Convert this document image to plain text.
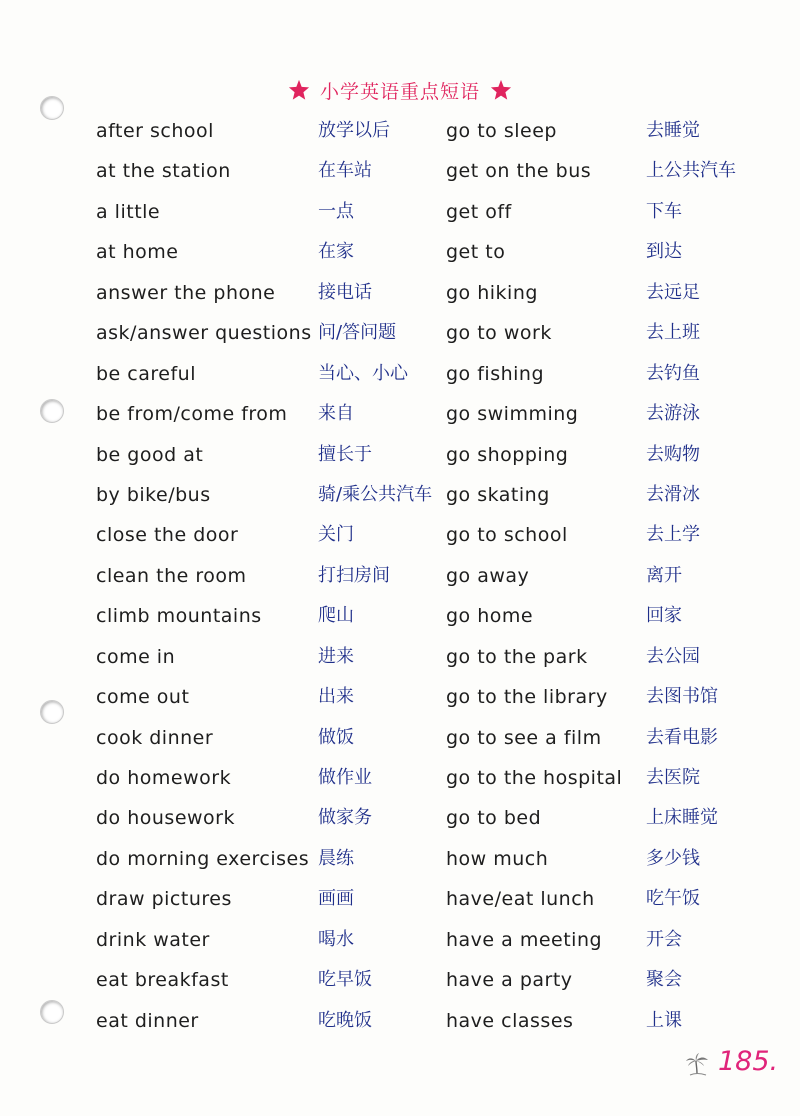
小学英语重点短语
after school	放学以后	go to sleep	去睡觉
at the station	在车站	get on the bus	上公共汽车
a little	一点	get off	下车
at home	在家	get to	到达
answer the phone 接电话	go hiking	去远足
ask/answer questions 问/答问题	go to work	去上班
be careful	当心、小心 go fishing	去钓鱼
be from/come from 来自	go swimming	去游泳
be good at	擅长于	go shopping	去购物
by bike/bus	骑/乘公共汽车 go skating	去滑冰
close the door	关门	go to school	去上学
clean the room	打扫房间	go away	离开
climb mountains	爬山	go home	回家
come in	进来	go to the park	去公园
come out	出来	go to the library 去图书馆
cook dinner	做饭	go to see a film 去看电影
do homework	做作业	go to the hospital 去医院
do housework	做家务	go to bed	上床睡觉
do morning exercises 晨练	how much	多少钱
draw pictures	画画	have/eat lunch	吃午饭
drink water	喝水	have a meeting 开会
eat breakfast	吃早饭	have a party	聚会
eat dinner	吃晚饭	have classes	上课
185.
